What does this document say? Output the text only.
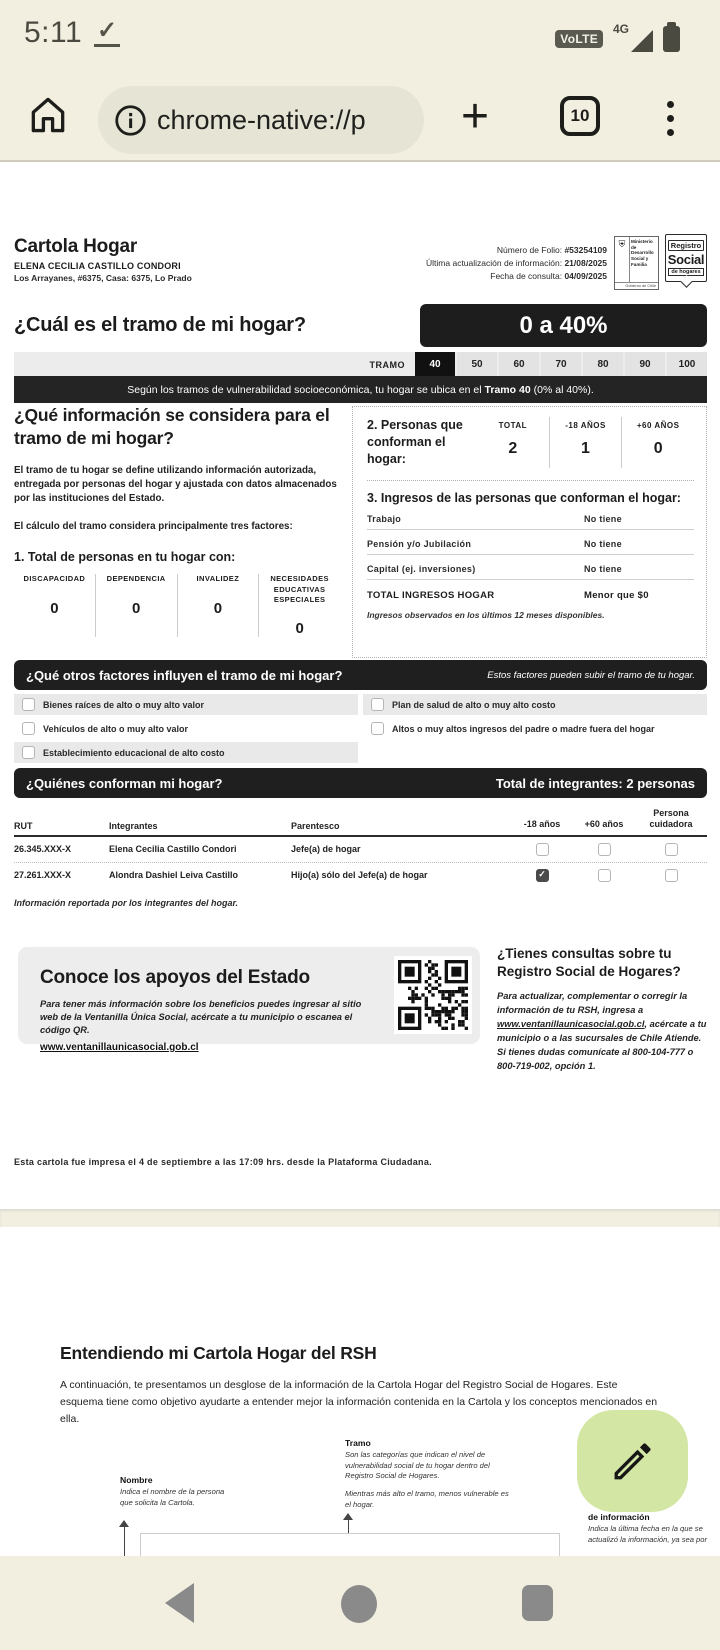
5:11 ✓	VoLTE
4G
chrome-native://p +	10
Cartola Hogar
ELENA CECILIA CASTILLO CONDORI
Los Arrayanes, #6375, Casa: 6375, Lo Prado
Número de Folio: #53254109
Última actualización de información: 21/08/2025
Fecha de consulta: 04/09/2025
⛨	Ministerio de Desarrollo Social y Familia
Gobierno de Chile
Registro
Social
de hogares
¿Cuál es el tramo de mi hogar?	0 a 40%
TRAMO	40	50	60	70	80	90	100
Según los tramos de vulnerabilidad socioeconómica, tu hogar se ubica en el Tramo 40 (0% al 40%).
¿Qué información se considera para el tramo de mi hogar?
El tramo de tu hogar se define utilizando información autorizada, entregada por personas del hogar y ajustada con datos almacenados por las instituciones del Estado.
El cálculo del tramo considera principalmente tres factores:
1. Total de personas en tu hogar con:
DISCAPACIDAD
0
DEPENDENCIA
0
INVALIDEZ
0
NECESIDADES EDUCATIVAS ESPECIALES
0
2. Personas que conforman el hogar:
TOTAL
2
-18 AÑOS
1
+60 AÑOS
0
3. Ingresos de las personas que conforman el hogar:
Trabajo	No tiene
Pensión y/o Jubilación	No tiene
Capital (ej. inversiones)	No tiene
TOTAL INGRESOS HOGAR	Menor que $0
Ingresos observados en los últimos 12 meses disponibles.
¿Qué otros factores influyen el tramo de mi hogar?	Estos factores pueden subir el tramo de tu hogar.
Bienes raíces de alto o muy alto valor	Plan de salud de alto o muy alto costo
Vehículos de alto o muy alto valor	Altos o muy altos ingresos del padre o madre fuera del hogar
Establecimiento educacional de alto costo
¿Quiénes conforman mi hogar?	Total de integrantes: 2 personas
RUT	Integrantes	Parentesco	-18 años	+60 años
Persona cuidadora
26.345.XXX-X	Elena Cecilia Castillo Condori	Jefe(a) de hogar
27.261.XXX-X	Alondra Dashiel Leiva Castillo	Hijo(a) sólo del Jefe(a) de hogar	✓
Información reportada por los integrantes del hogar.
Conoce los apoyos del Estado
Para tener más información sobre los beneficios puedes ingresar al sitio web de la Ventanilla Única Social, acércate a tu municipio o escanea el código QR.
www.ventanillaunicasocial.gob.cl
¿Tienes consultas sobre tu Registro Social de Hogares?
Para actualizar, complementar o corregir la información de tu RSH, ingresa a www.ventanillaunicasocial.gob.cl, acércate a tu municipio o a las sucursales de Chile Atiende. Si tienes dudas comunícate al 800-104-777 o 800-719-002, opción 1.
Esta cartola fue impresa el 4 de septiembre a las 17:09 hrs. desde la Plataforma Ciudadana.
Entendiendo mi Cartola Hogar del RSH
A continuación, te presentamos un desglose de la información de la Cartola Hogar del Registro Social de Hogares. Este esquema tiene como objetivo ayudarte a entender mejor la información contenida en la Cartola y los conceptos mencionados en ella.
Tramo
Son las categorías que indican el nivel de vulnerabilidad social de tu hogar dentro del Registro Social de Hogares.
Mientras más alto el tramo, menos vulnerable es el hogar.
Nombre
Indica el nombre de la persona que solicita la Cartola.
de información
Indica la última fecha en la que se actualizó la información, ya sea por
